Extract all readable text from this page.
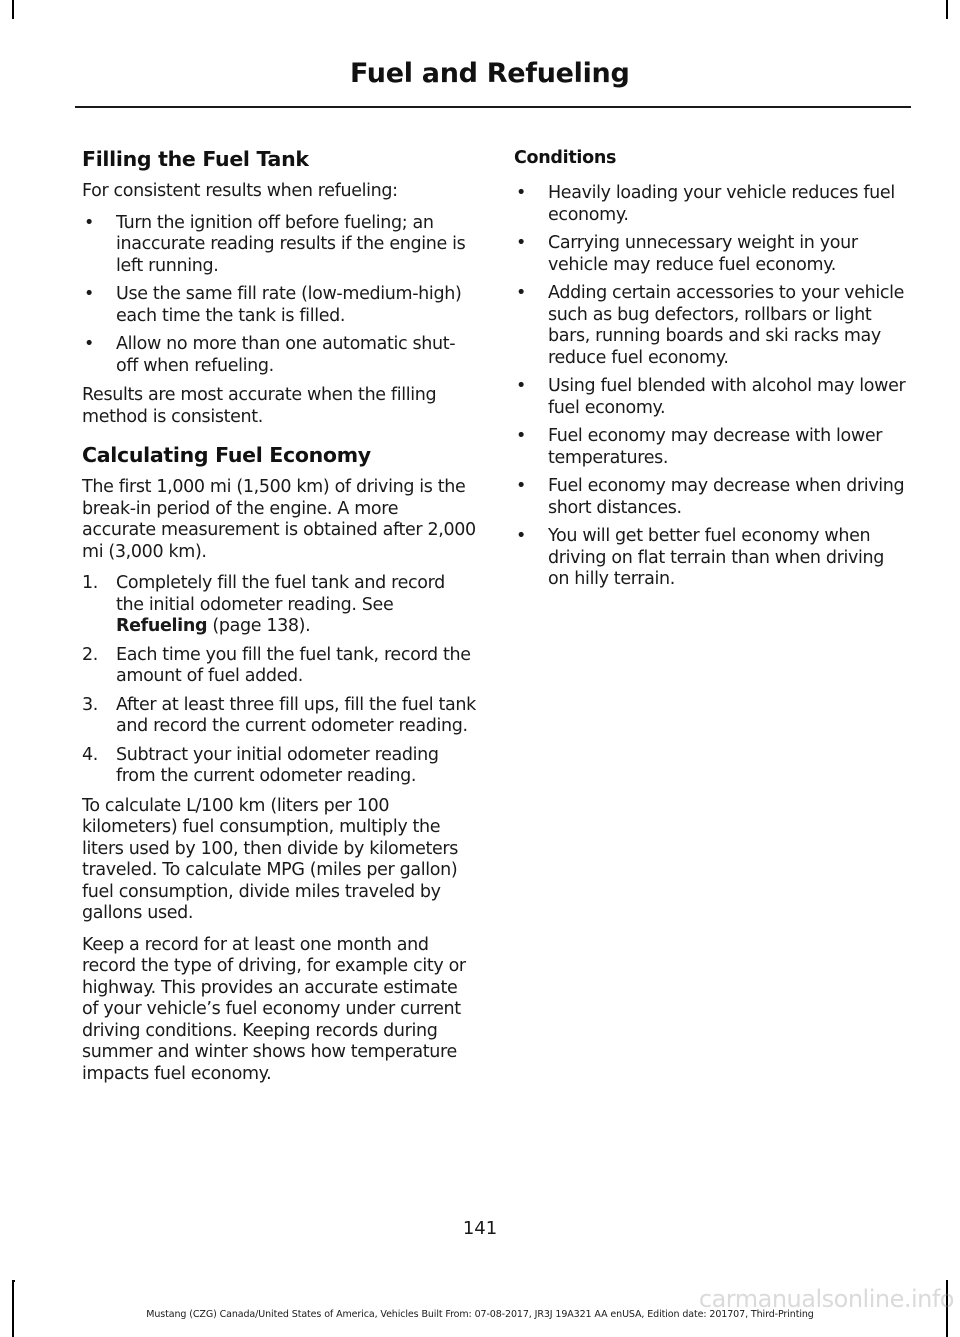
Fuel and Refueling
Filling the Fuel Tank

For consistent results when refueling:

•	Turn the ignition off before fueling; an inaccurate reading results if the engine is left running.
•	Use the same fill rate (low-medium-high) each time the tank is filled.
•	Allow no more than one automatic shut-off when refueling.

Results are most accurate when the filling method is consistent.

Calculating Fuel Economy

The first 1,000 mi (1,500 km) of driving is the break-in period of the engine. A more accurate measurement is obtained after 2,000 mi (3,000 km).

1.	Completely fill the fuel tank and record the initial odometer reading. See Refueling (page 138).
2.	Each time you fill the fuel tank, record the amount of fuel added.
3.	After at least three fill ups, fill the fuel tank and record the current odometer reading.
4.	Subtract your initial odometer reading from the current odometer reading.

To calculate L/100 km (liters per 100 kilometers) fuel consumption, multiply the liters used by 100, then divide by kilometers traveled. To calculate MPG (miles per gallon) fuel consumption, divide miles traveled by gallons used.

Keep a record for at least one month and record the type of driving, for example city or highway. This provides an accurate estimate of your vehicle’s fuel economy under current driving conditions. Keeping records during summer and winter shows how temperature impacts fuel economy.

Conditions
•	Heavily loading your vehicle reduces fuel economy.
•	Carrying unnecessary weight in your vehicle may reduce fuel economy.
•	Adding certain accessories to your vehicle such as bug defectors, rollbars or light bars, running boards and ski racks may reduce fuel economy.
•	Using fuel blended with alcohol may lower fuel economy.
•	Fuel economy may decrease with lower temperatures.
•	Fuel economy may decrease when driving short distances.
•	You will get better fuel economy when driving on flat terrain than when driving on hilly terrain.
141
Mustang (CZG) Canada/United States of America, Vehicles Built From: 07-08-2017, JR3J 19A321 AA enUSA, Edition date: 201707, Third-Printing
carmanualsonline.info
